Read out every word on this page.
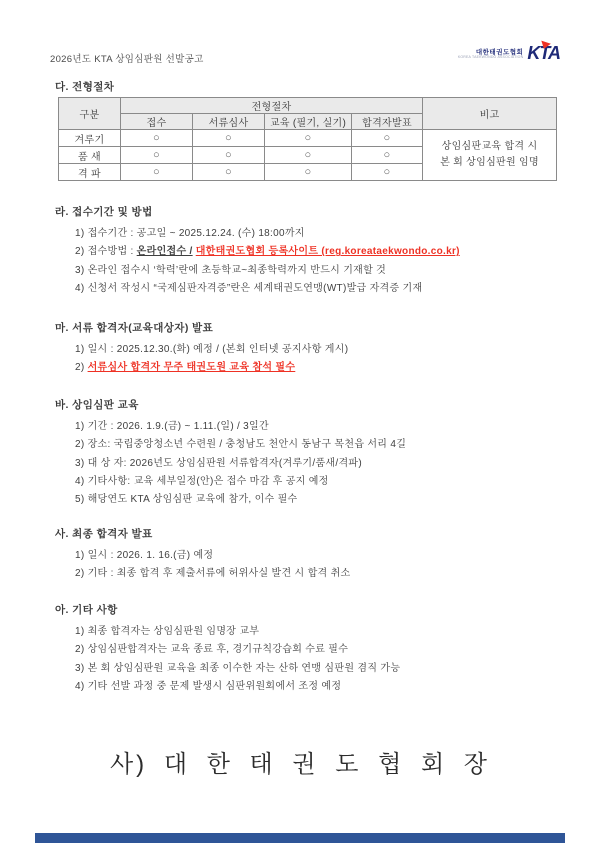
2026년도 KTA 상임심판원 선발공고
대한태권도협회
KOREA TAEKWONDO ASSOCIATION KTA
다. 전형절차
구분	전형절차				비고
	접수	서류심사	교육 (필기, 실기)	합격자발표	
겨루기	○	○	○	○	상임심판교육 합격 시
본 회 상임심판원 임명

품 새	○	○	○	○	
격 파	○	○	○	○	
라. 접수기간 및 방법
1) 접수기간 : 공고일 ~ 2025.12.24. (수) 18:00까지
2) 접수방법 : 온라인접수 / 대한태권도협회 등록사이트 (reg.koreataekwondo.co.kr)
3) 온라인 접수시 ‘학력’란에 초등학교~최종학력까지 반드시 기재할 것
4) 신청서 작성시 “국제심판자격증”란은 세계태권도연맹(WT)발급 자격증 기재
마. 서류 합격자(교육대상자) 발표
1) 일시 : 2025.12.30.(화) 예정 / (본회 인터넷 공지사항 게시)
2) 서류심사 합격자 무주 태권도원 교육 참석 필수
바. 상임심판 교육
1) 기간 : 2026. 1.9.(금) ~ 1.11.(일) / 3일간
2) 장소: 국립중앙청소년 수련원 / 충청남도 천안시 동남구 목천읍 서리 4길
3) 대 상 자: 2026년도 상임심판원 서류합격자(겨루기/품새/격파)
4) 기타사항: 교육 세부일정(안)은 접수 마감 후 공지 예정
5) 해당연도 KTA 상임심판 교육에 참가, 이수 필수
사. 최종 합격자 발표
1) 일시 : 2026. 1. 16.(금) 예정
2) 기타 : 최종 합격 후 제출서류에 허위사실 발견 시 합격 취소
아. 기타 사항
1) 최종 합격자는 상임심판원 임명장 교부
2) 상임심판합격자는 교육 종료 후, 경기규칙강습회 수료 필수
3) 본 회 상임심판원 교육을 최종 이수한 자는 산하 연맹 심판원 겸직 가능
4) 기타 선발 과정 중 문제 발생시 심판위원회에서 조정 예정
사) 대 한 태 권 도 협 회 장
